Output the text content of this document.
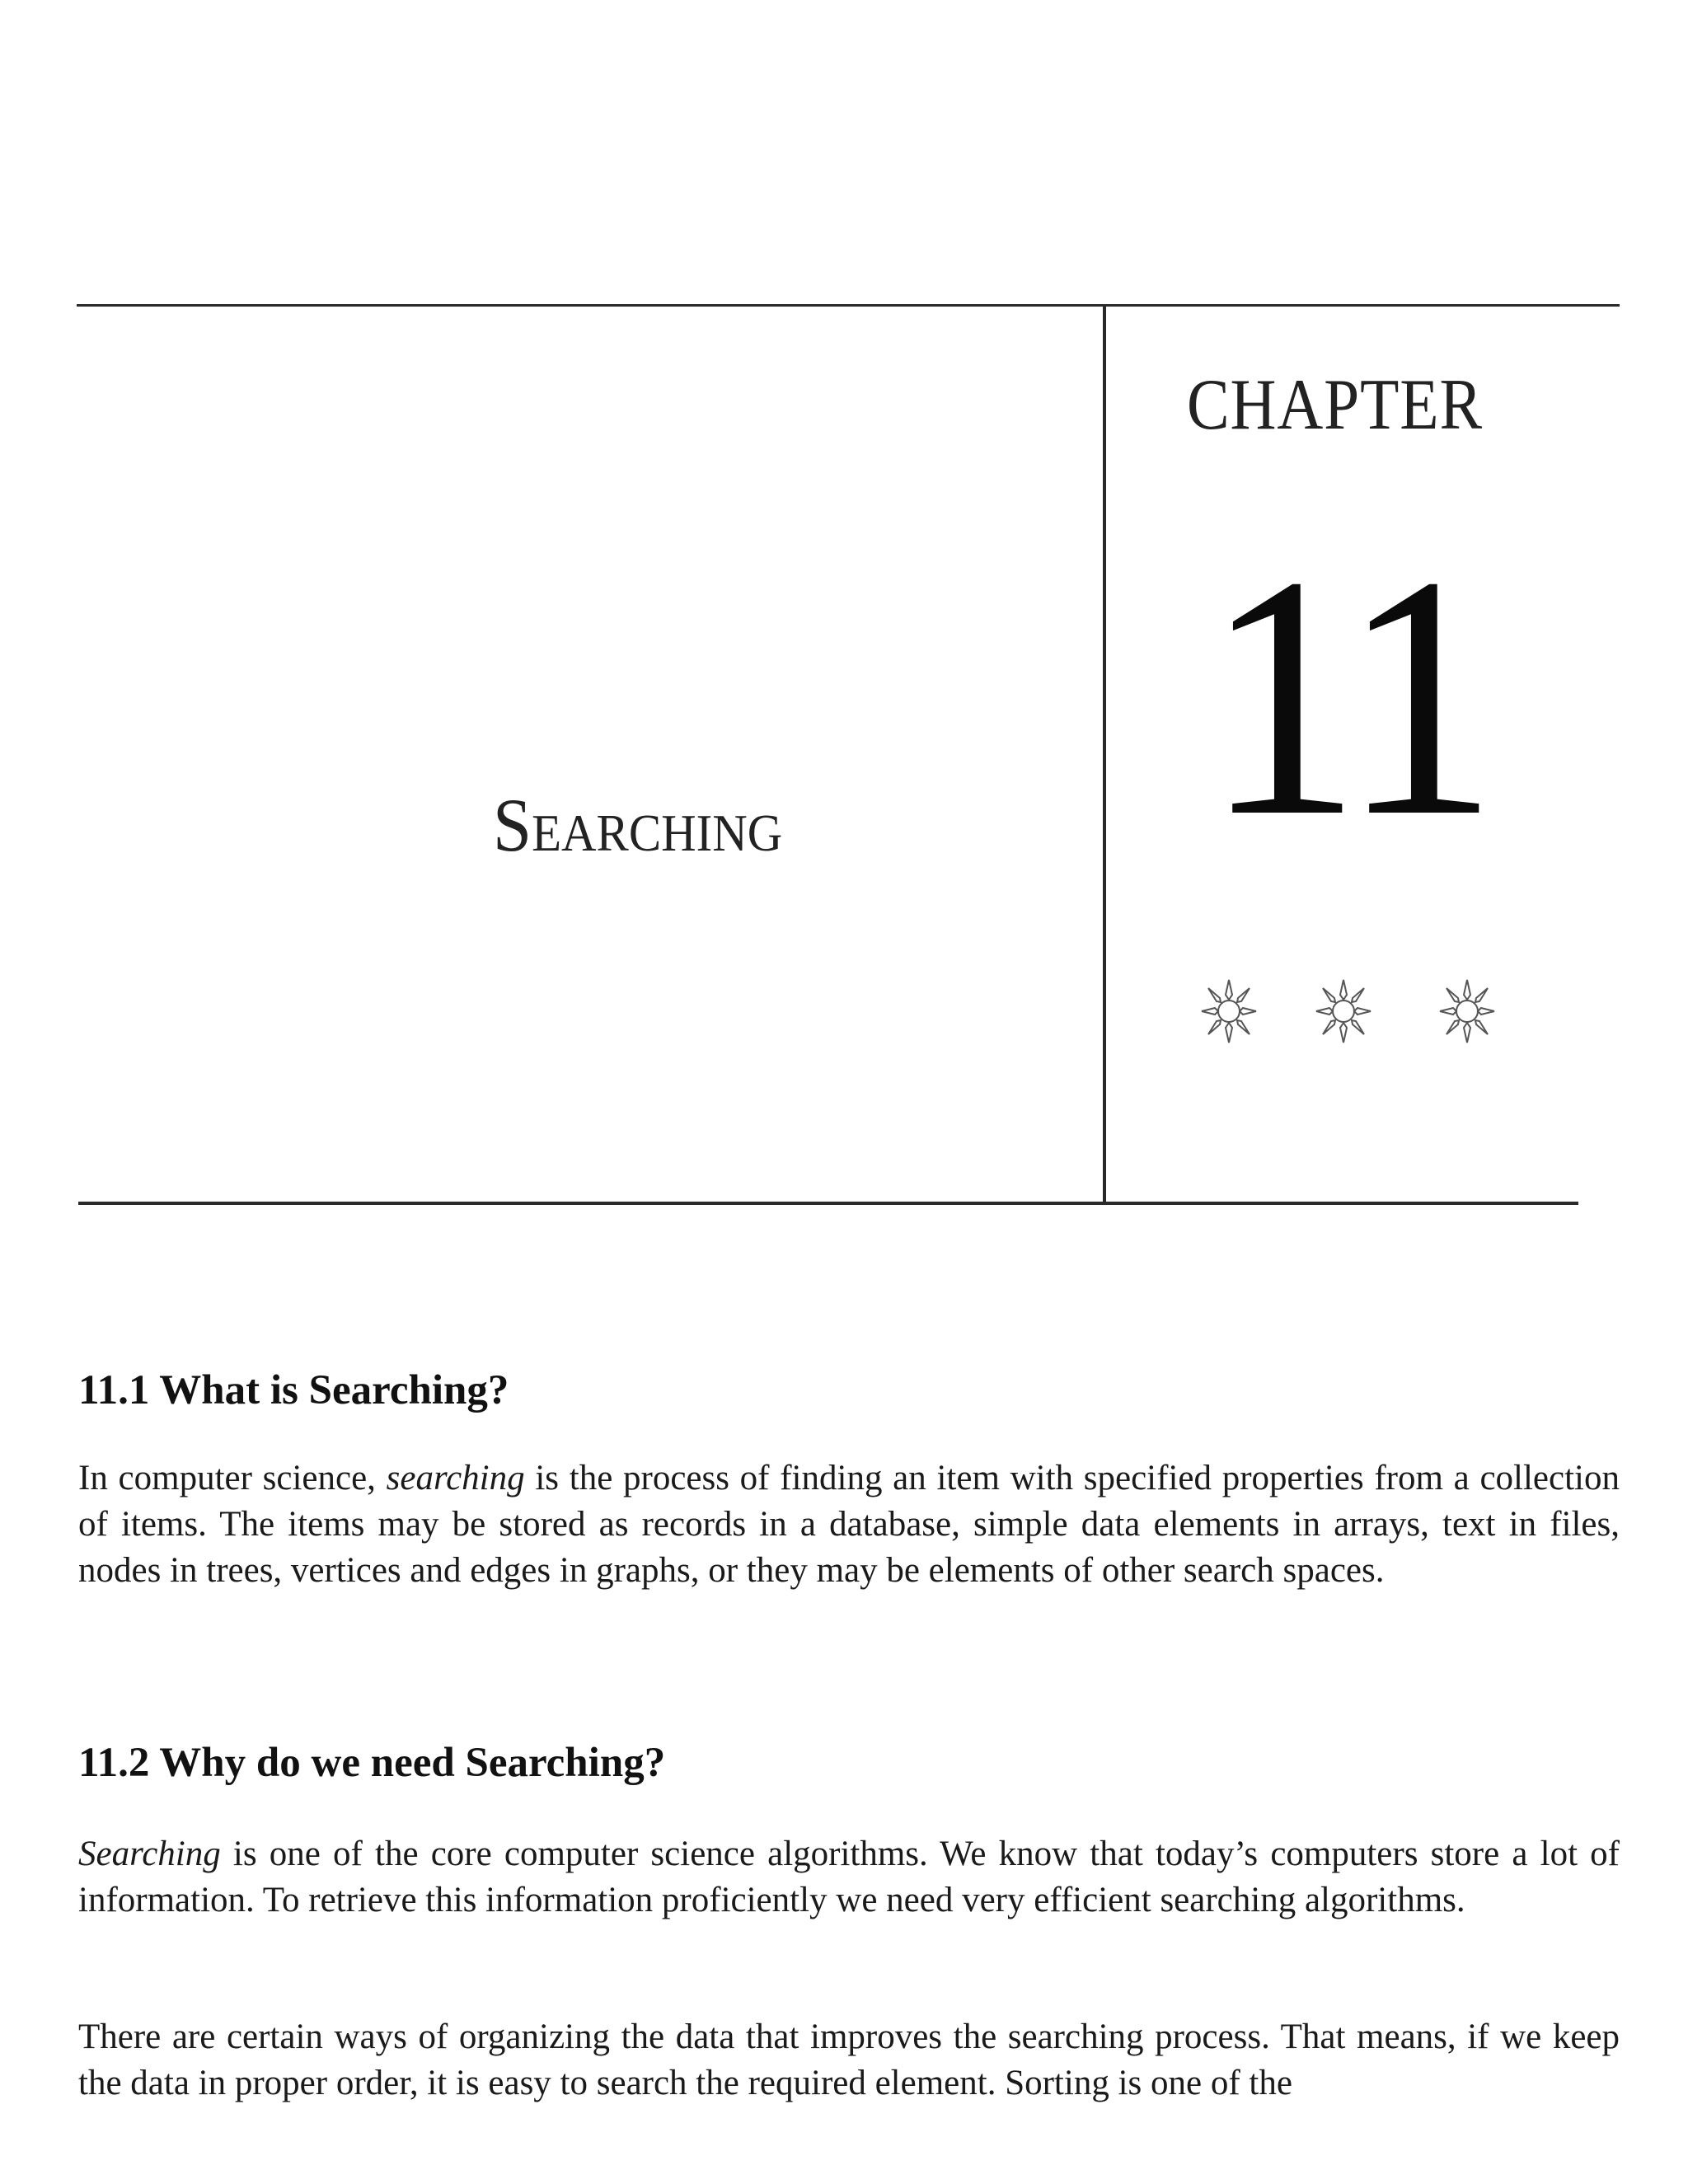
CHAPTER
11
Searching
11.1 What is Searching?

In computer science, searching is the process of finding an item with specified properties from a collection of items. The items may be stored as records in a database, simple data elements in arrays, text in files, nodes in trees, vertices and edges in graphs, or they may be elements of other search spaces.

11.2 Why do we need Searching?

Searching is one of the core computer science algorithms. We know that today’s computers store a lot of information. To retrieve this information proficiently we need very efficient searching algorithms.

There are certain ways of organizing the data that improves the searching process. That means, if we keep the data in proper order, it is easy to search the required element. Sorting is one of the
